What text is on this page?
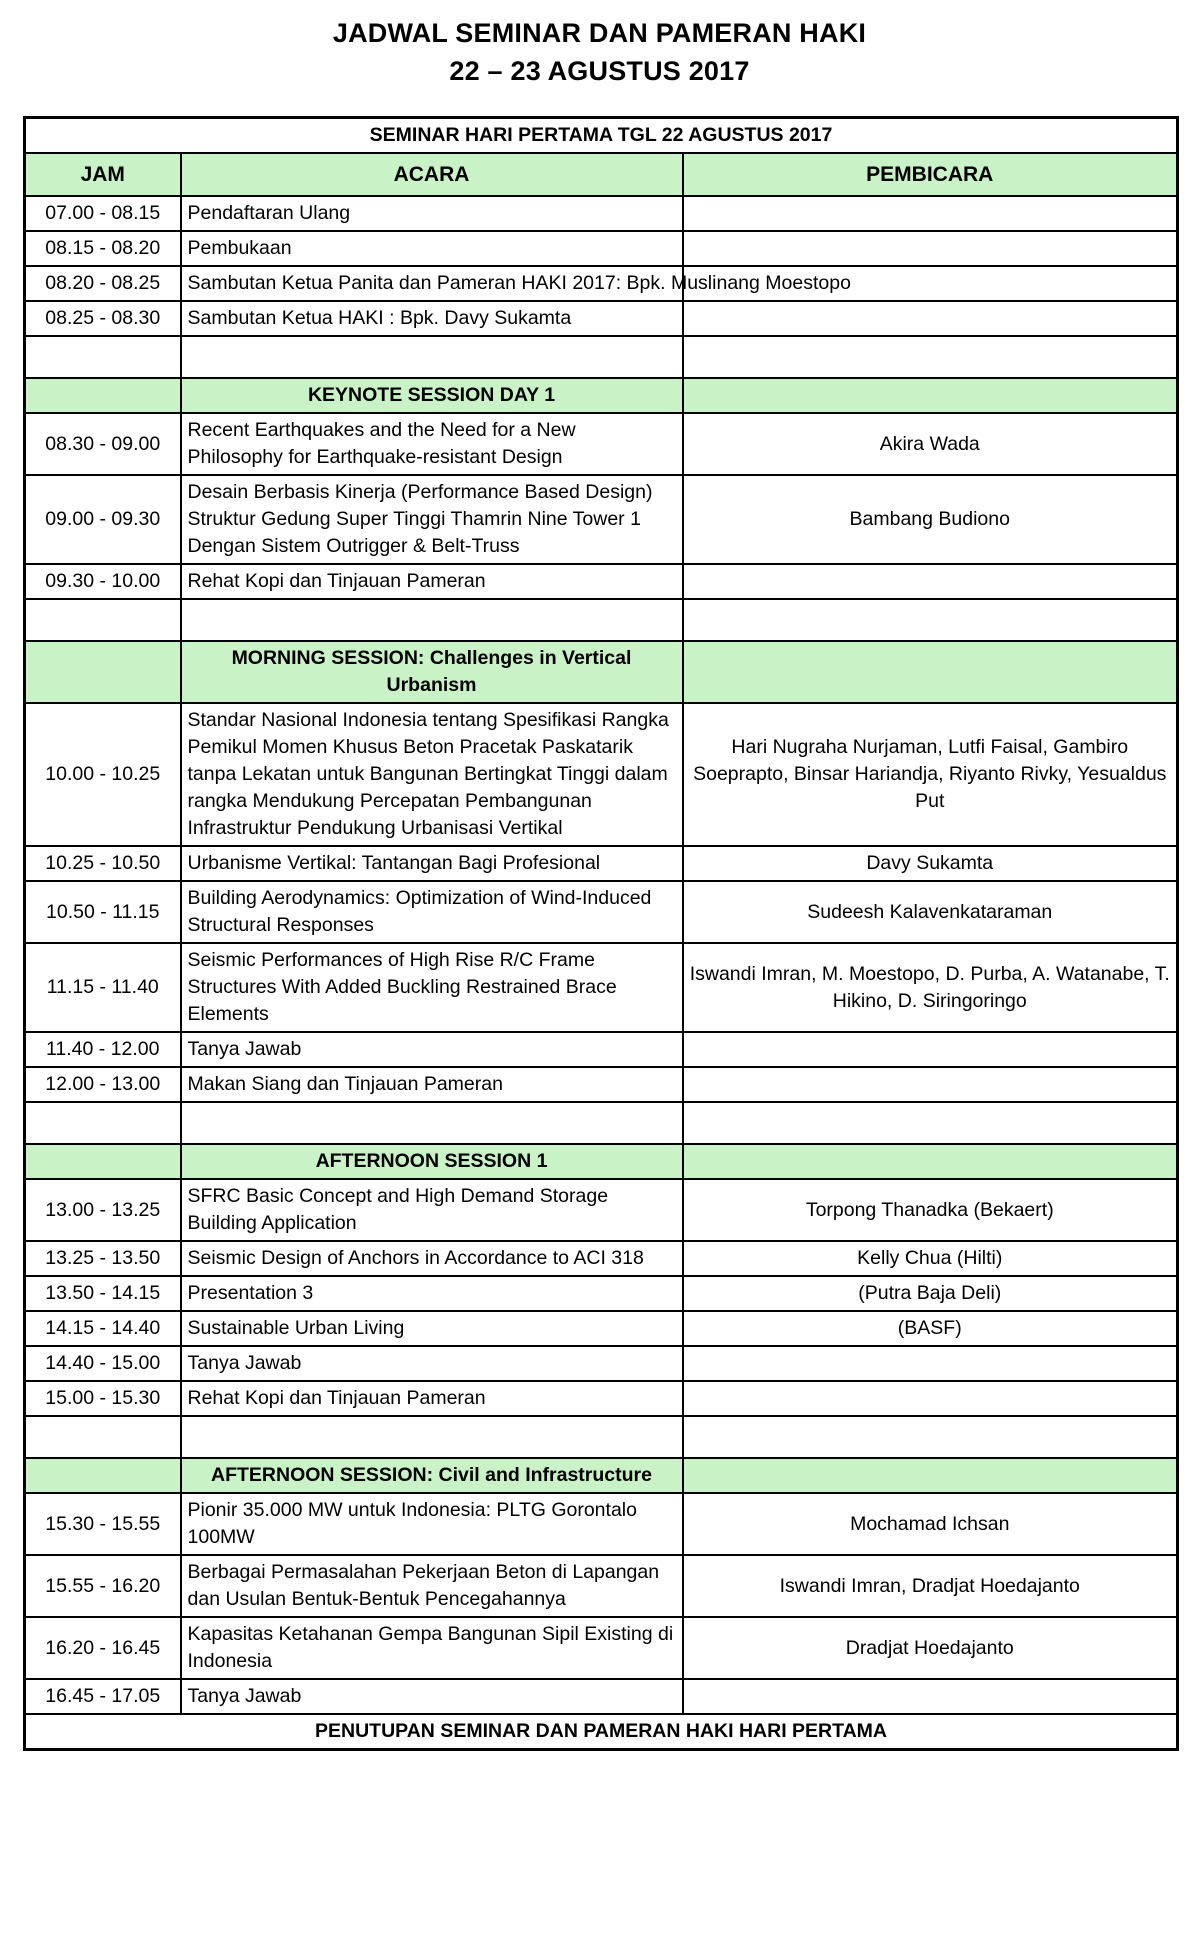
JADWAL SEMINAR DAN PAMERAN HAKI
22 – 23 AGUSTUS 2017
SEMINAR HARI PERTAMA TGL 22 AGUSTUS 2017		
JAM	ACARA	PEMBICARA
07.00 - 08.15	Pendaftaran Ulang	
08.15 - 08.20	Pembukaan	
08.20 - 08.25	Sambutan Ketua Panita dan Pameran HAKI 2017: Bpk. Muslinang Moestopo	
08.25 - 08.30	Sambutan Ketua HAKI : Bpk. Davy Sukamta	

	KEYNOTE SESSION DAY 1	
08.30 - 09.00	Recent Earthquakes and the Need for a New Philosophy for Earthquake-resistant Design	Akira Wada
09.00 - 09.30	Desain Berbasis Kinerja (Performance Based Design) Struktur Gedung Super Tinggi Thamrin Nine Tower 1 Dengan Sistem Outrigger & Belt-Truss	Bambang Budiono
09.30 - 10.00	Rehat Kopi dan Tinjauan Pameran	

	MORNING SESSION: Challenges in Vertical Urbanism	
10.00 - 10.25	Standar Nasional Indonesia tentang Spesifikasi Rangka Pemikul Momen Khusus Beton Pracetak Paskatarik tanpa Lekatan untuk Bangunan Bertingkat Tinggi dalam rangka Mendukung Percepatan Pembangunan Infrastruktur Pendukung Urbanisasi Vertikal	Hari Nugraha Nurjaman, Lutfi Faisal, Gambiro Soeprapto, Binsar Hariandja, Riyanto Rivky, Yesualdus Put
10.25 - 10.50	Urbanisme Vertikal: Tantangan Bagi Profesional	Davy Sukamta
10.50 - 11.15	Building Aerodynamics: Optimization of Wind-Induced Structural Responses	Sudeesh Kalavenkataraman
11.15 - 11.40	Seismic Performances of High Rise R/C Frame Structures With Added Buckling Restrained Brace Elements	Iswandi Imran, M. Moestopo, D. Purba, A. Watanabe, T. Hikino, D. Siringoringo
11.40 - 12.00	Tanya Jawab	
12.00 - 13.00	Makan Siang dan Tinjauan Pameran	

	AFTERNOON SESSION 1	
13.00 - 13.25	SFRC Basic Concept and High Demand Storage Building Application	Torpong Thanadka (Bekaert)
13.25 - 13.50	Seismic Design of Anchors in Accordance to ACI 318	Kelly Chua (Hilti)
13.50 - 14.15	Presentation 3	(Putra Baja Deli)
14.15 - 14.40	Sustainable Urban Living	(BASF)
14.40 - 15.00	Tanya Jawab	
15.00 - 15.30	Rehat Kopi dan Tinjauan Pameran	

	AFTERNOON SESSION: Civil and Infrastructure	
15.30 - 15.55	Pionir 35.000 MW untuk Indonesia: PLTG Gorontalo 100MW	Mochamad Ichsan
15.55 - 16.20	Berbagai Permasalahan Pekerjaan Beton di Lapangan dan Usulan Bentuk-Bentuk Pencegahannya	Iswandi Imran, Dradjat Hoedajanto
16.20 - 16.45	Kapasitas Ketahanan Gempa Bangunan Sipil Existing di Indonesia	Dradjat Hoedajanto
16.45 - 17.05	Tanya Jawab	
PENUTUPAN SEMINAR DAN PAMERAN HAKI HARI PERTAMA		
